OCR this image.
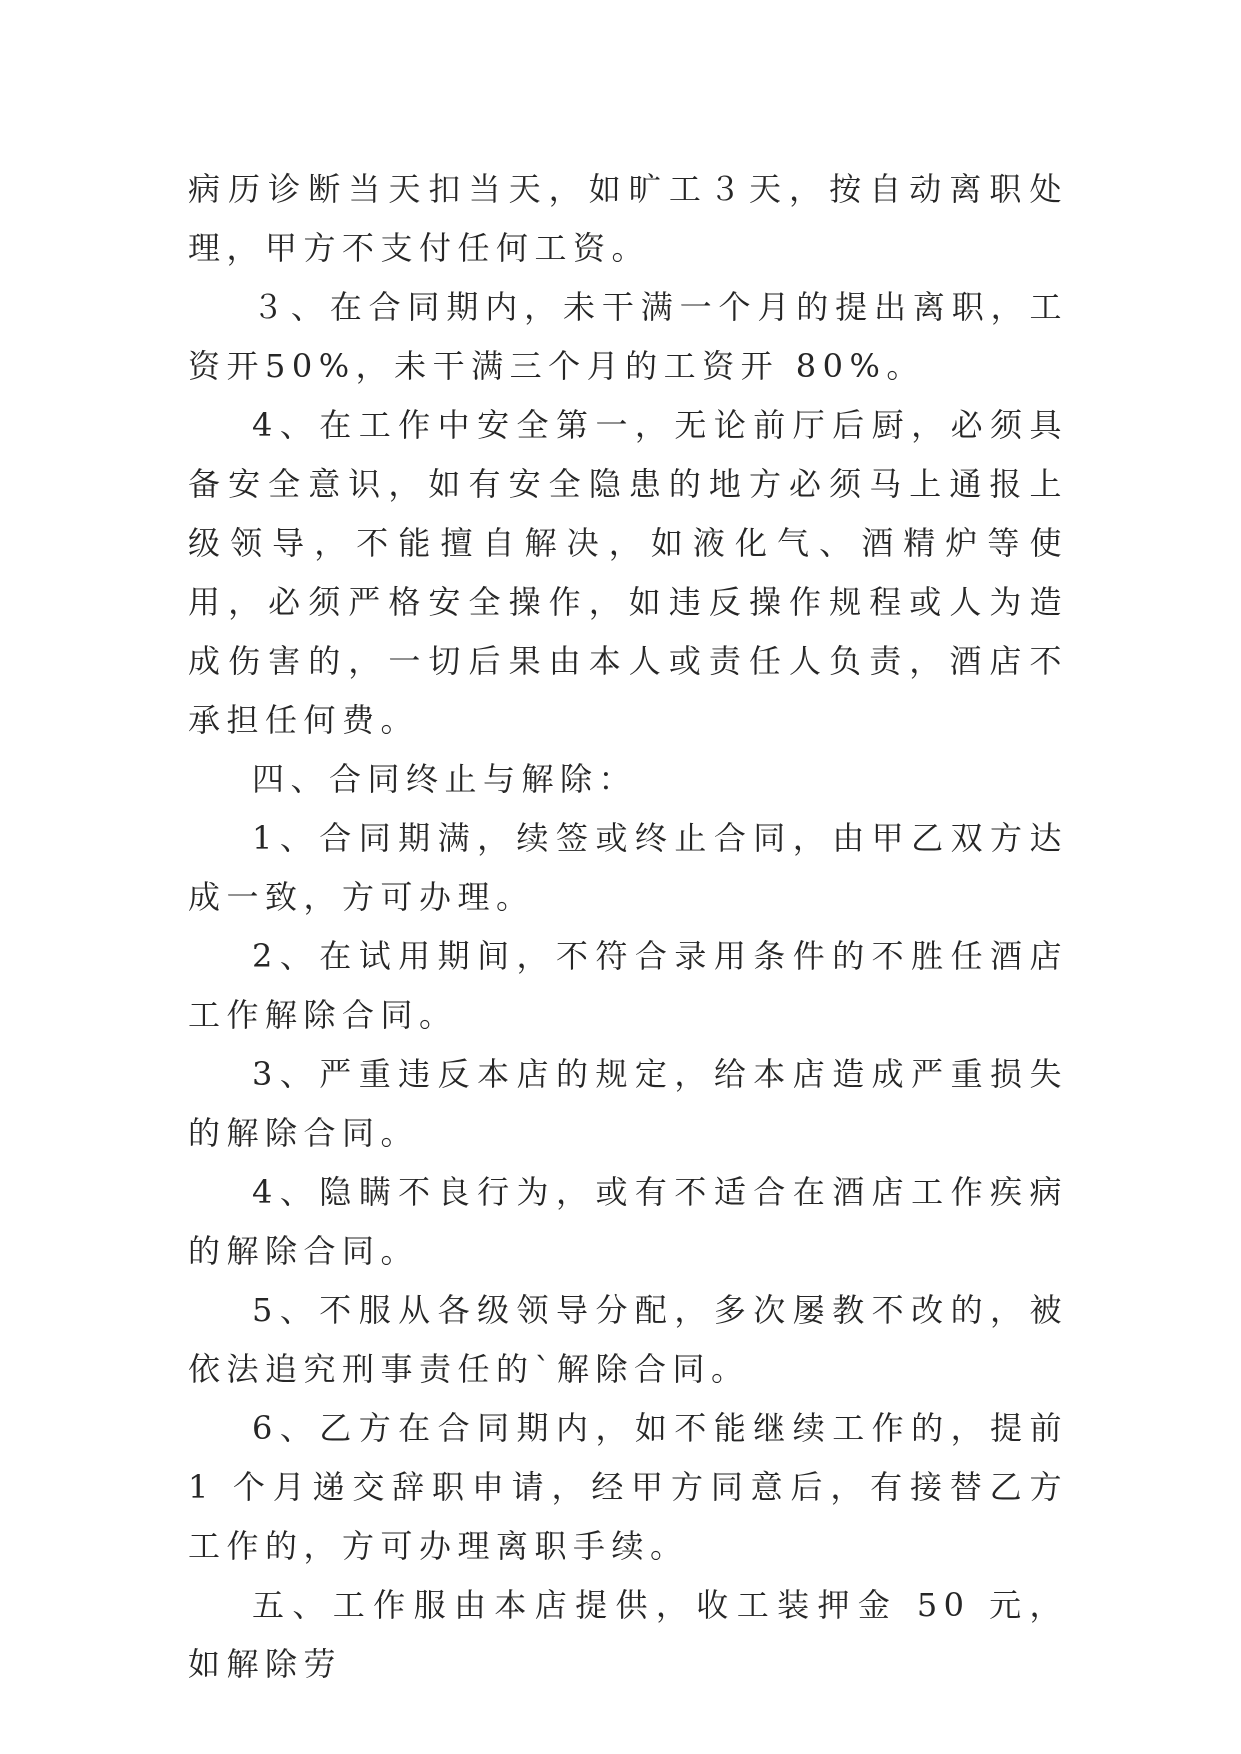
病历诊断当天扣当天，如旷工３天，按自动离职处理，甲方不支付任何工资。

３、在合同期内，未干满一个月的提出离职，工资开50%，未干满三个月的工资开 80%。

4、在工作中安全第一，无论前厅后厨，必须具备安全意识，如有安全隐患的地方必须马上通报上级领导，不能擅自解决，如液化气、酒精炉等使用，必须严格安全操作，如违反操作规程或人为造成伤害的，一切后果由本人或责任人负责，酒店不承担任何费。

四、合同终止与解除：

1、合同期满，续签或终止合同，由甲乙双方达成一致，方可办理。

2、在试用期间，不符合录用条件的不胜任酒店工作解除合同。

3、严重违反本店的规定，给本店造成严重损失的解除合同。

4、隐瞒不良行为，或有不适合在酒店工作疾病的解除合同。

5、不服从各级领导分配，多次屡教不改的，被依法追究刑事责任的`解除合同。

6、乙方在合同期内，如不能继续工作的，提前 1 个月递交辞职申请，经甲方同意后，有接替乙方工作的，方可办理离职手续。

五、工作服由本店提供，收工装押金 50 元，如解除劳
